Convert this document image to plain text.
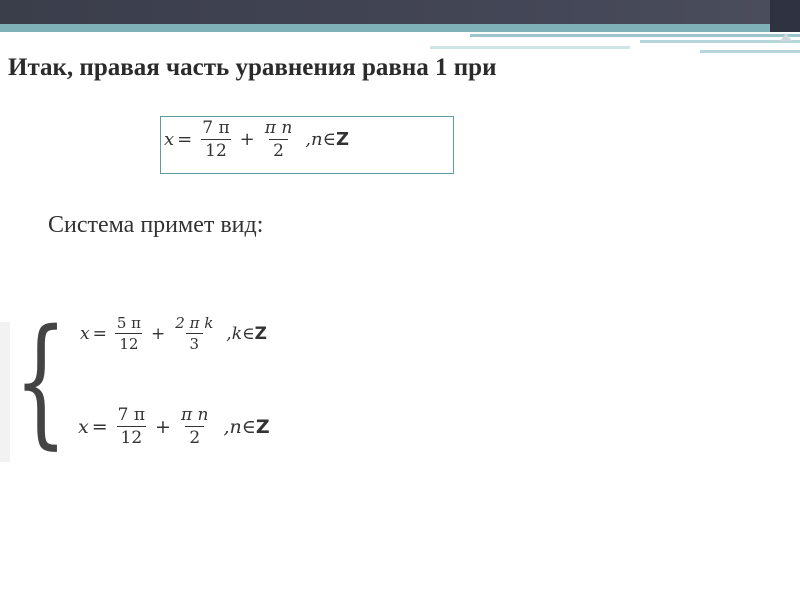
Итак, правая часть уравнения равна 1 при
$x = \frac{7 \pi}{12} + \frac{\text{π n}}{2} ,n$ ∈ Z
Система примет вид:
{ $x = \frac{5 \pi}{12} + \frac{\text{2 π k}}{3} ,k$ ∈ Z
$x = \frac{7 \pi}{12} + \frac{\text{π n}}{2} ,n$ ∈ Z
